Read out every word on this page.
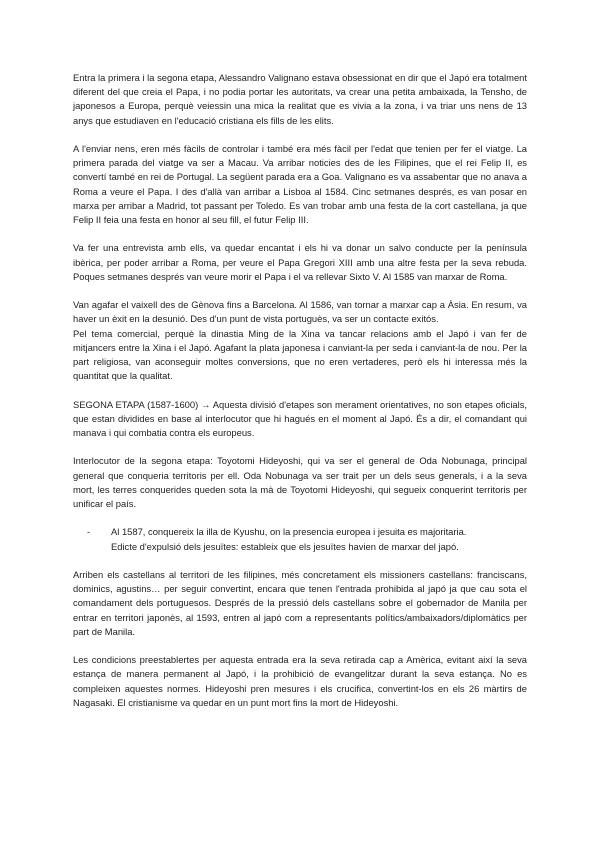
Entra la primera i la segona etapa, Alessandro Valignano estava obsessionat en dir que el Japó era totalment diferent del que creia el Papa, i no podia portar les autoritats, va crear una petita ambaixada, la Tensho, de japonesos a Europa, perquè veiessin una mica la realitat que es vivia a la zona, i va triar uns nens de 13 anys que estudiaven en l'educació cristiana els fills de les elits.

A l'enviar nens, eren més fàcils de controlar i també era més fàcil per l'edat que tenien per fer el viatge. La primera parada del viatge va ser a Macau. Va arribar noticies des de les Filipines, que el rei Felip II, es convertí també en rei de Portugal. La següent parada era a Goa. Valignano es va assabentar que no anava a Roma a veure el Papa. I des d'allà van arribar a Lisboa al 1584. Cinc setmanes després, es van posar en marxa per arribar a Madrid, tot passant per Toledo. Es van trobar amb una festa de la cort castellana, ja que Felip II feia una festa en honor al seu fill, el futur Felip III.

Va fer una entrevista amb ells, va quedar encantat i els hi va donar un salvo conducte per la península ibèrica, per poder arribar a Roma, per veure el Papa Gregori XIII amb una altre festa per la seva rebuda. Poques setmanes després van veure morir el Papa i el va rellevar Sixto V. Al 1585 van marxar de Roma.

Van agafar el vaixell des de Gènova fins a Barcelona. Al 1586, van tornar a marxar cap a Àsia. En resum, va haver un èxit en la desunió. Des d'un punt de vista portuguès, va ser un contacte exitós.

Pel tema comercial, perquè la dinastia Ming de la Xina va tancar relacions amb el Japó i van fer de mitjancers entre la Xina i el Japó. Agafant la plata japonesa i canviant-la per seda i canviant-la de nou. Per la part religiosa, van aconseguir moltes conversions, que no eren vertaderes, però els hi interessa més la quantitat que la qualitat.

SEGONA ETAPA (1587-1600) → Aquesta divisió d'etapes son merament orientatives, no son etapes oficials, que estan dividides en base al interlocutor que hi hagués en el moment al Japó. És a dir, el comandant qui manava i qui combatia contra els europeus.

Interlocutor de la segona etapa: Toyotomi Hideyoshi, qui va ser el general de Oda Nobunaga, principal general que conqueria territoris per ell. Oda Nobunaga va ser trait per un dels seus generals, i a la seva mort, les terres conquerides queden sota la mà de Toyotomi Hideyoshi, qui segueix conquerint territoris per unificar el país.

-	Al 1587, conquereix la illa de Kyushu, on la presencia europea i jesuita es majoritaria.
Edicte d'expulsió dels jesuïtes: estableix que els jesuïtes havien de marxar del japó.

Arriben els castellans al territori de les filipines, més concretament els missioners castellans: franciscans, dominics, agustins… per seguir convertint, encara que tenen l'entrada prohibida al japó ja que cau sota el comandament dels portuguesos. Després de la pressió dels castellans sobre el gobernador de Manila per entrar en territori japonès, al 1593, entren al japó com a representants polítics/ambaixadors/diplomàtics per part de Manila.

Les condicions preestablertes per aquesta entrada era la seva retirada cap a Amèrica, evitant així la seva estança de manera permanent al Japó, i la prohibició de evangelitzar durant la seva estança. No es compleixen aquestes normes. Hideyoshi pren mesures i els crucifica, convertint-los en els 26 màrtirs de Nagasaki. El cristianisme va quedar en un punt mort fins la mort de Hideyoshi.
